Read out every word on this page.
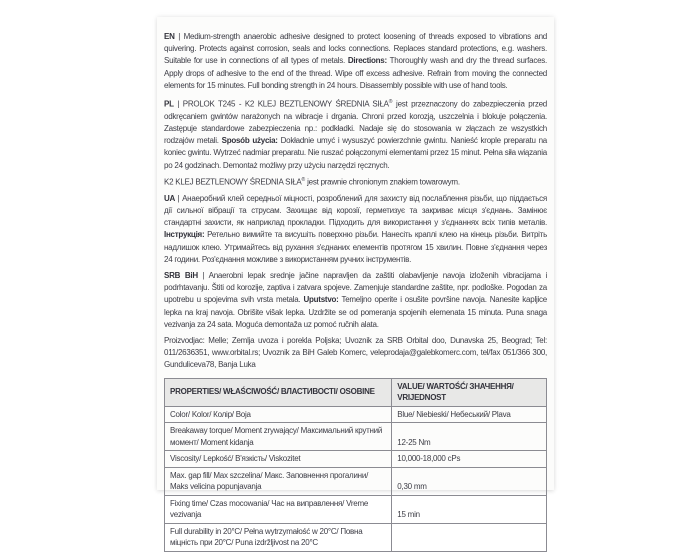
EN | Medium-strength anaerobic adhesive designed to protect loosening of threads exposed to vibrations and quivering. Protects against corrosion, seals and locks connections. Replaces standard protections, e.g. washers. Suitable for use in connections of all types of metals. Directions: Thoroughly wash and dry the thread surfaces. Apply drops of adhesive to the end of the thread. Wipe off excess adhesive. Refrain from moving the connected elements for 15 minutes. Full bonding strength in 24 hours. Disassembly possible with use of hand tools.

PL | PROLOK T245 - K2 KLEJ BEZTLENOWY ŚREDNIA SIŁA® jest przeznaczony do zabezpieczenia przed odkręcaniem gwintów narażonych na wibracje i drgania. Chroni przed korozją, uszczelnia i blokuje połączenia. Zastępuje standardowe zabezpieczenia np.: podkładki. Nadaje się do stosowania w złączach ze wszystkich rodzajów metali. Sposób użycia: Dokładnie umyć i wysuszyć powierzchnie gwintu. Nanieść krople preparatu na koniec gwintu. Wytrzeć nadmiar preparatu. Nie ruszać połączonymi elementami przez 15 minut. Pełna siła wiązania po 24 godzinach. Demontaż możliwy przy użyciu narzędzi ręcznych.

K2 KLEJ BEZTLENOWY ŚREDNIA SIŁA® jest prawnie chronionym znakiem towarowym.

UA | Анаеробний клей середньої міцності, розроблений для захисту від послаблення різьби, що піддається дії сильної вібрації та струсам. Захищає від корозії, герметизує та закриває місця з'єднань. Замінює стандартні захисти, як наприклад прокладки. Підходить для використання у з'єднаннях всіх типів металів. Інструкція: Ретельно вимийте та висушіть поверхню різьби. Нанесіть краплі клею на кінець різьби. Витріть надлишок клею. Утримайтесь від рухання з'єднаних елементів протягом 15 хвилин. Повне з'єднання через 24 години. Роз'єднання можливе з використанням ручних інструментів.

SRB BiH | Anaerobni lepak srednje jačine napravljen da zaštiti olabavljenje navoja izloženih vibracijama i podrhtavanju. Štiti od korozije, zaptiva i zatvara spojeve. Zamenjuje standardne zaštite, npr. podloške. Pogodan za upotrebu u spojevima svih vrsta metala. Uputstvo: Temeljno operite i osušite površine navoja. Nanesite kapljice lepka na kraj navoja. Obrišite višak lepka. Uzdržite se od pomeranja spojenih elemenata 15 minuta. Puna snaga vezivanja za 24 sata. Moguća demontaža uz pomoć ručnih alata.

Proizvodjac: Melle; Zemlja uvoza i porekla Poljska; Uvoznik za SRB Orbital doo, Dunavska 25, Beograd; Tel: 011/2636351, www.orbital.rs; Uvoznik za BiH Galeb Komerc, veleprodaja@galebkomerc.com, tel/fax 051/366 300, Gunduliceva78, Banja Luka

PROPERTIES/ WŁAŚCIWOŚĆ/ ВЛАСТИВОСТІ/ OSOBINE	VALUE/ WARTOŚĆ/ ЗНАЧЕННЯ/ VRIJEDNOST
Color/ Kolor/ Колір/ Boja	Blue/ Niebieski/ Небеський/ Plava
Breakaway torque/ Moment zrywający/ Максимальний крутний момент/ Moment kidanja	12-25 Nm
Viscosity/ Lepkość/ В'язкість/ Viskozitet	10,000-18,000 cPs
Max. gap fill/ Max szczelina/ Макс. Заповнення прогалини/ Maks velicina popunjavanja	0,30 mm
Fixing time/ Czas mocowania/ Час на виправлення/ Vreme vezivanja	15 min
Full durability in 20°C/ Pełna wytrzymałość w 20°C/ Повна міцність при 20°C/ Puna izdržljivost na 20°C	
